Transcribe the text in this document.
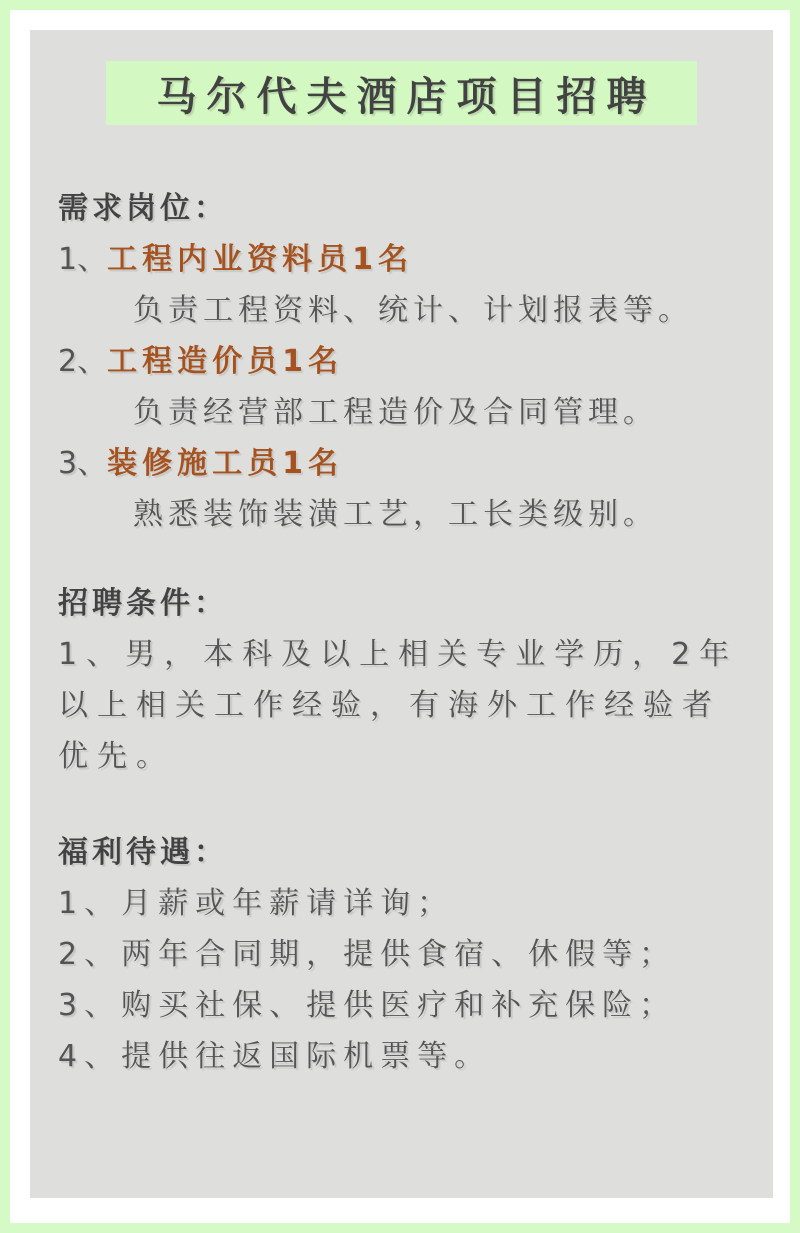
马尔代夫酒店项目招聘
需求岗位：
1、工程内业资料员1名
负责工程资料、统计、计划报表等。
2、工程造价员1名
负责经营部工程造价及合同管理。
3、装修施工员1名
熟悉装饰装潢工艺，工长类级别。
招聘条件：
1、男，本科及以上相关专业学历，2年
以上相关工作经验，有海外工作经验者
优先。
福利待遇：
1、月薪或年薪请详询；
2、两年合同期，提供食宿、休假等；
3、购买社保、提供医疗和补充保险；
4、提供往返国际机票等。
